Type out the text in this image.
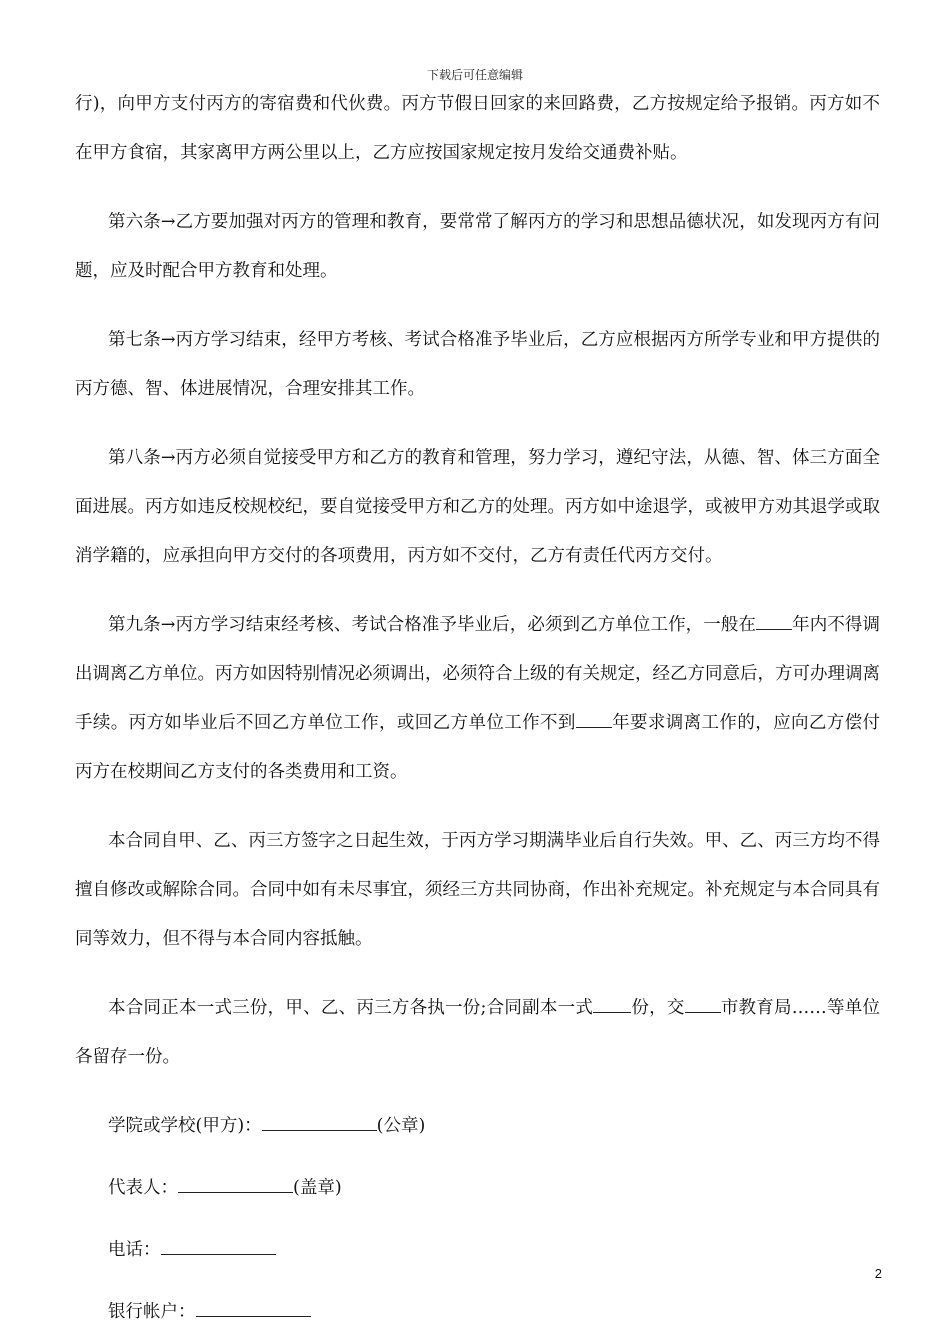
下载后可任意编辑

行)，向甲方支付丙方的寄宿费和代伙费。丙方节假日回家的来回路费，乙方按规定给予报销。丙方如不在甲方食宿，其家离甲方两公里以上，乙方应按国家规定按月发给交通费补贴。

第六条→乙方要加强对丙方的管理和教育，要常常了解丙方的学习和思想品德状况，如发现丙方有问题，应及时配合甲方教育和处理。

第七条→丙方学习结束，经甲方考核、考试合格准予毕业后，乙方应根据丙方所学专业和甲方提供的丙方德、智、体进展情况，合理安排其工作。

第八条→丙方必须自觉接受甲方和乙方的教育和管理，努力学习，遵纪守法，从德、智、体三方面全面进展。丙方如违反校规校纪，要自觉接受甲方和乙方的处理。丙方如中途退学，或被甲方劝其退学或取消学籍的，应承担向甲方交付的各项费用，丙方如不交付，乙方有责任代丙方交付。

第九条→丙方学习结束经考核、考试合格准予毕业后，必须到乙方单位工作，一般在 年内不得调出调离乙方单位。丙方如因特别情况必须调出，必须符合上级的有关规定，经乙方同意后，方可办理调离手续。丙方如毕业后不回乙方单位工作，或回乙方单位工作不到 年要求调离工作的，应向乙方偿付丙方在校期间乙方支付的各类费用和工资。

本合同自甲、乙、丙三方签字之日起生效，于丙方学习期满毕业后自行失效。甲、乙、丙三方均不得擅自修改或解除合同。合同中如有未尽事宜，须经三方共同协商，作出补充规定。补充规定与本合同具有同等效力，但不得与本合同内容抵触。

本合同正本一式三份，甲、乙、丙三方各执一份;合同副本一式 份，交 市教育局……等单位各留存一份。

学院或学校(甲方)：	(公章)
代表人：	(盖章)
电话：
银行帐户：
2
